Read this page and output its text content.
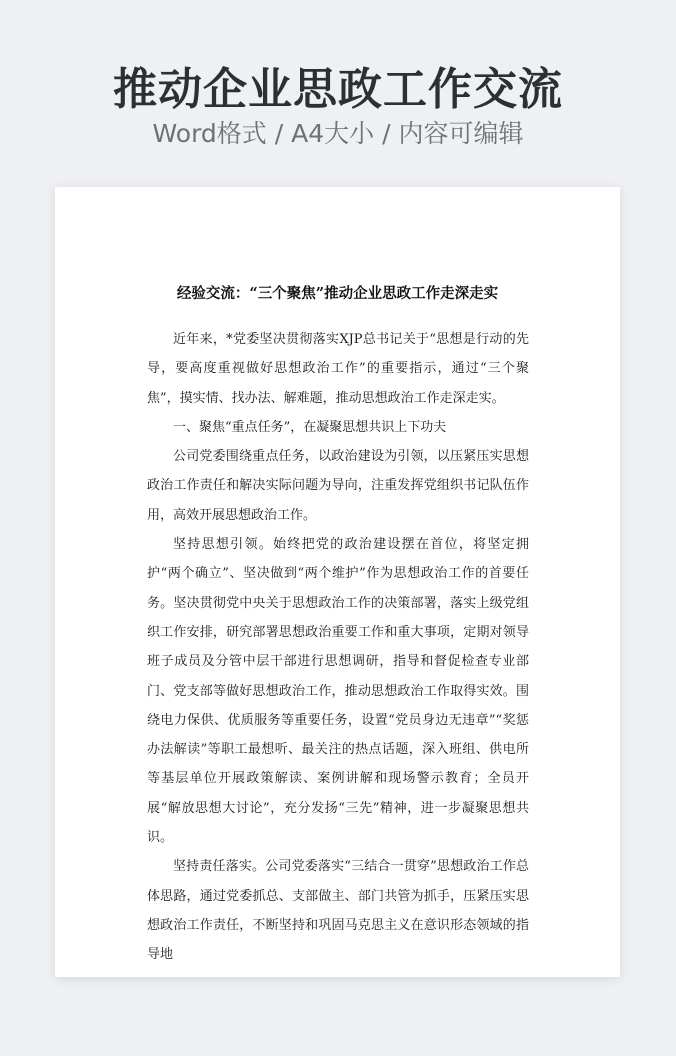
推动企业思政工作交流
Word格式 / A4大小 / 内容可编辑
经验交流：“三个聚焦”推动企业思政工作走深走实

近年来，*党委坚决贯彻落实XJP总书记关于“思想是行动的先导，要高度重视做好思想政治工作”的重要指示，通过“三个聚焦”，摸实情、找办法、解难题，推动思想政治工作走深走实。

一、聚焦“重点任务”，在凝聚思想共识上下功夫

公司党委围绕重点任务，以政治建设为引领，以压紧压实思想政治工作责任和解决实际问题为导向，注重发挥党组织书记队伍作用，高效开展思想政治工作。

坚持思想引领。始终把党的政治建设摆在首位，将坚定拥护“两个确立”、坚决做到“两个维护”作为思想政治工作的首要任务。坚决贯彻党中央关于思想政治工作的决策部署，落实上级党组织工作安排，研究部署思想政治重要工作和重大事项，定期对领导班子成员及分管中层干部进行思想调研，指导和督促检查专业部门、党支部等做好思想政治工作，推动思想政治工作取得实效。围绕电力保供、优质服务等重要任务，设置“党员身边无违章”“奖惩办法解读”等职工最想听、最关注的热点话题，深入班组、供电所等基层单位开展政策解读、案例讲解和现场警示教育；全员开展“解放思想大讨论”，充分发扬“三先”精神，进一步凝聚思想共识。

坚持责任落实。公司党委落实“三结合一贯穿”思想政治工作总体思路，通过党委抓总、支部做主、部门共管为抓手，压紧压实思想政治工作责任，不断坚持和巩固马克思主义在意识形态领域的指导地
